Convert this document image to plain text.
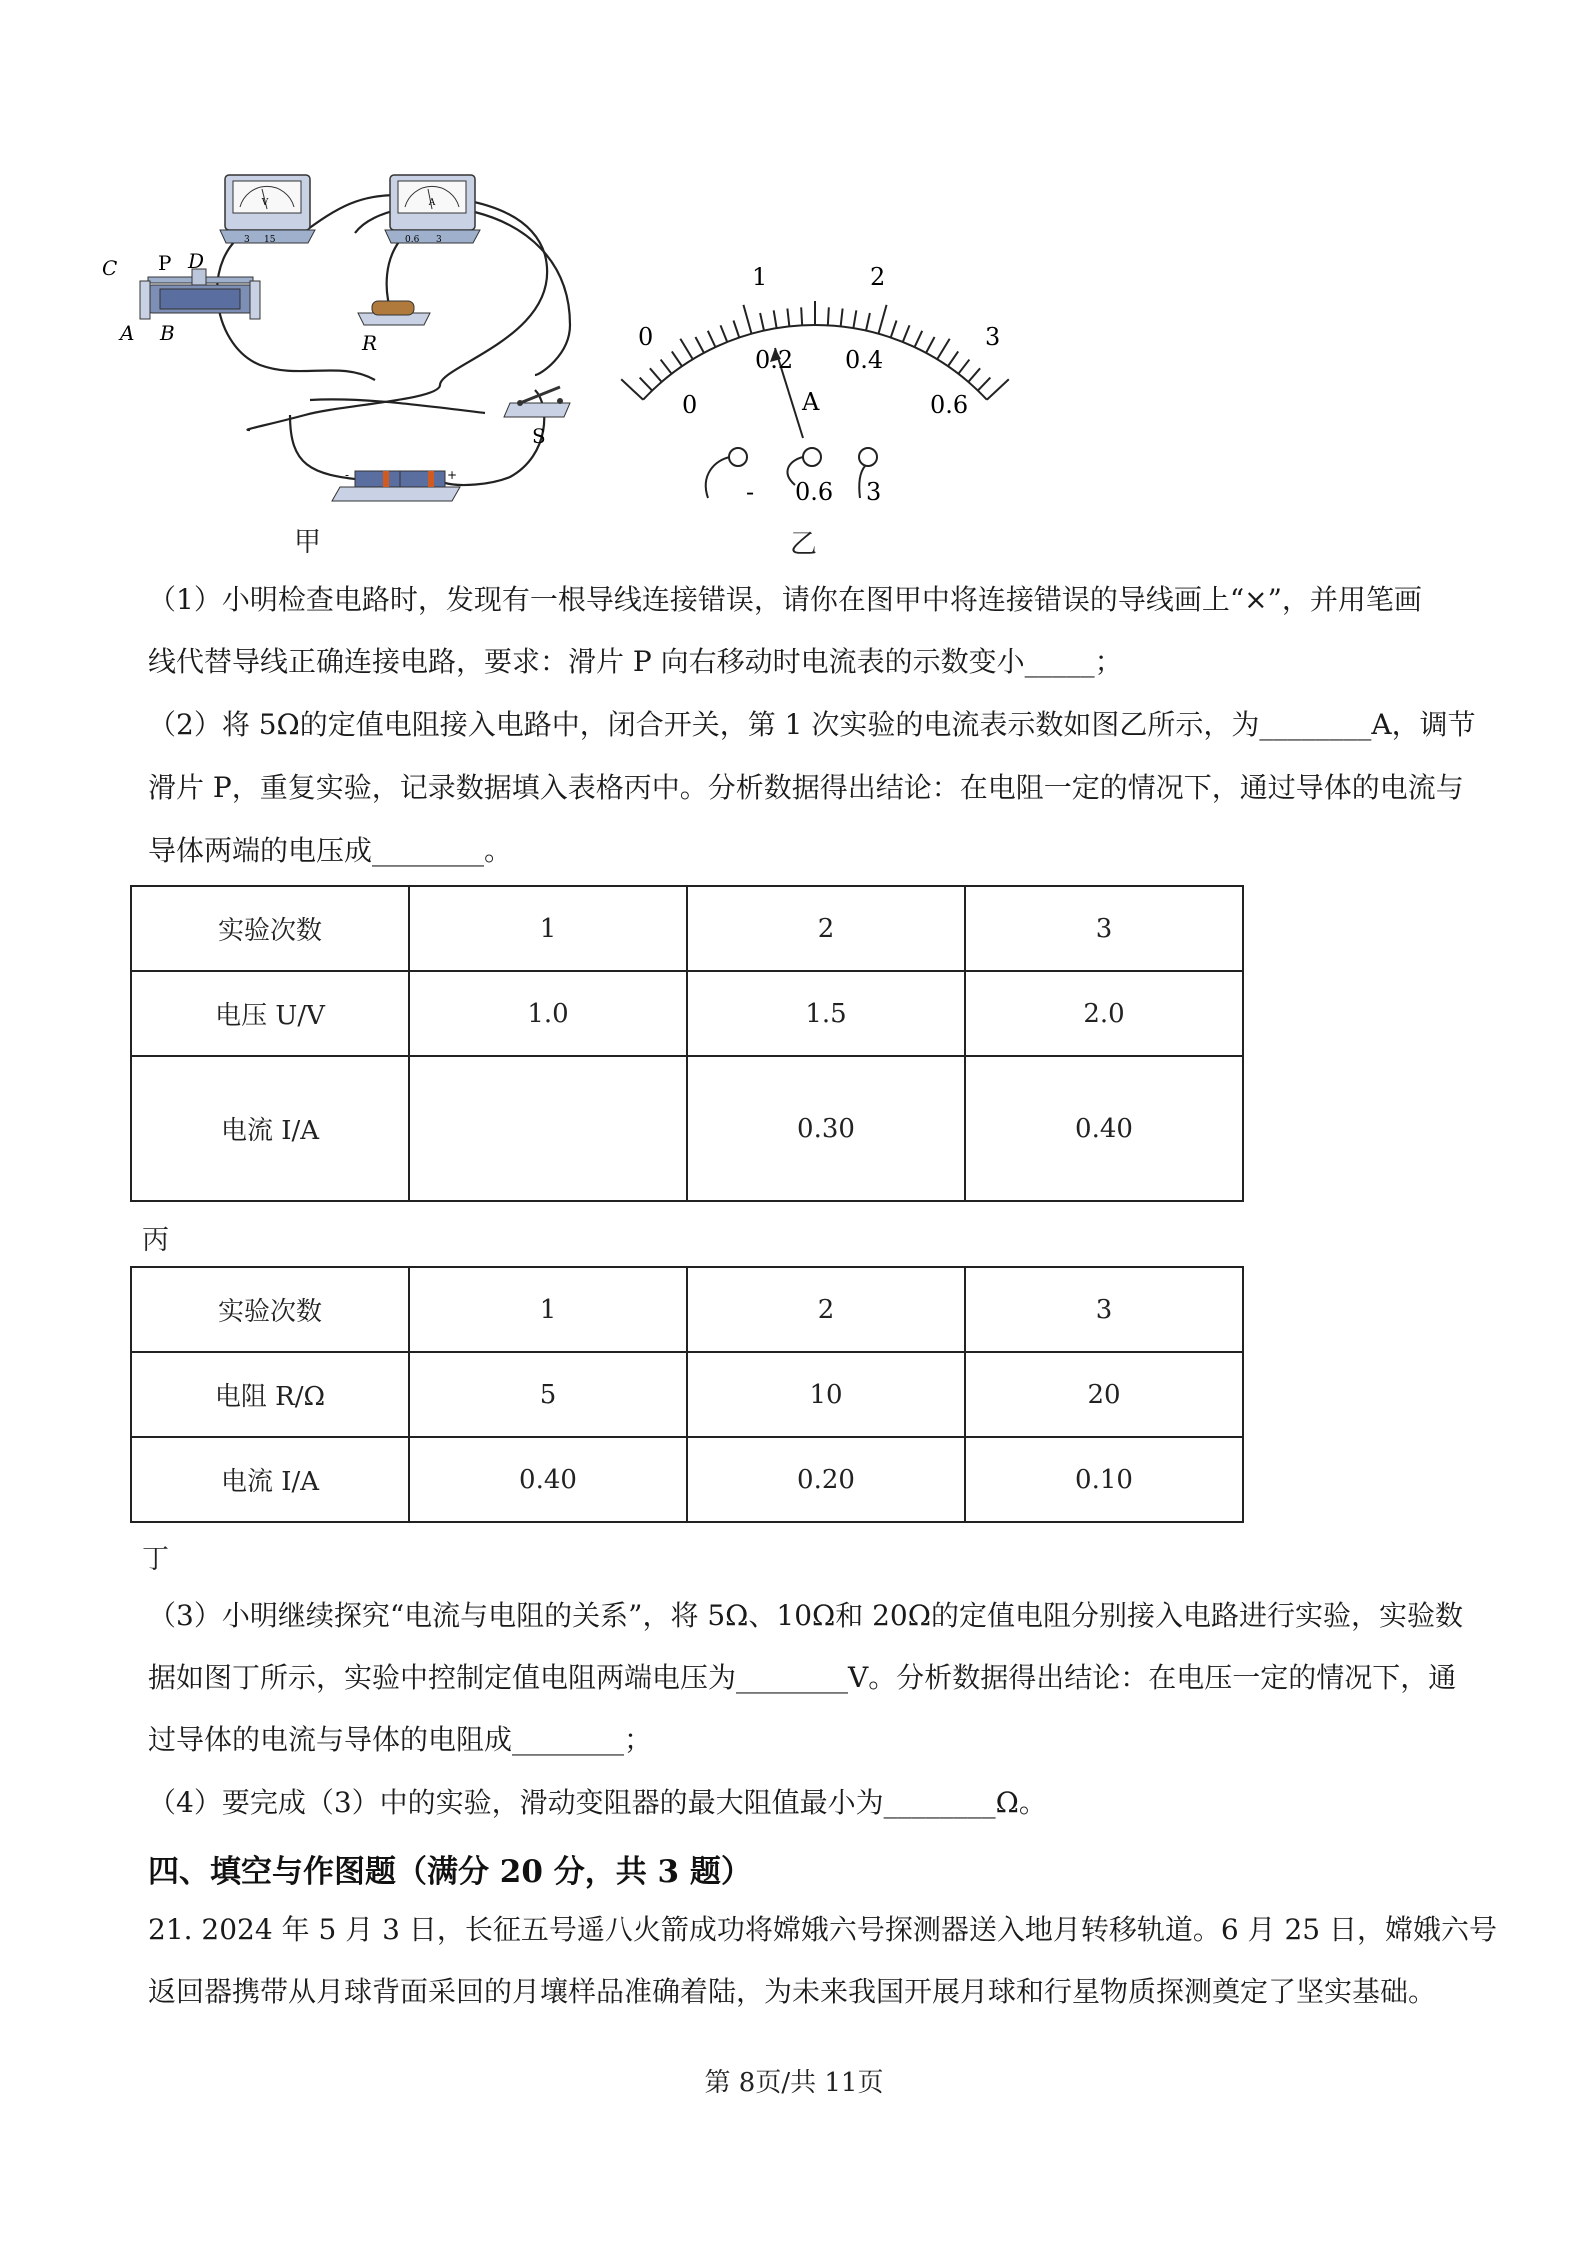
V
3 15
A
0.6 3
R
C P D
A B
S
-	+
甲
0
1	2
3
0
0.2 0.4
0.6
A
- 0.6 3
乙
（1）小明检查电路时，发现有一根导线连接错误，请你在图甲中将连接错误的导线画上“×”，并用笔画
线代替导线正确连接电路，要求：滑片 P 向右移动时电流表的示数变小_____；
（2）将 5Ω的定值电阻接入电路中，闭合开关，第 1 次实验的电流表示数如图乙所示，为________A，调节
滑片 P，重复实验，记录数据填入表格丙中。分析数据得出结论：在电阻一定的情况下，通过导体的电流与
导体两端的电压成________。
实验次数	1	2	3
电压 U/V	1.0	1.5	2.0
电流 I/A		0.30	0.40
丙
实验次数	1	2	3
电阻 R/Ω	5	10	20
电流 I/A	0.40	0.20	0.10
丁
（3）小明继续探究“电流与电阻的关系”，将 5Ω、10Ω和 20Ω的定值电阻分别接入电路进行实验，实验数
据如图丁所示，实验中控制定值电阻两端电压为________V。分析数据得出结论：在电压一定的情况下，通
过导体的电流与导体的电阻成________；
（4）要完成（3）中的实验，滑动变阻器的最大阻值最小为________Ω。
四、填空与作图题（满分 20 分，共 3 题）
21. 2024 年 5 月 3 日，长征五号遥八火箭成功将嫦娥六号探测器送入地月转移轨道。6 月 25 日，嫦娥六号
返回器携带从月球背面采回的月壤样品准确着陆，为未来我国开展月球和行星物质探测奠定了坚实基础。
第 8页/共 11页
